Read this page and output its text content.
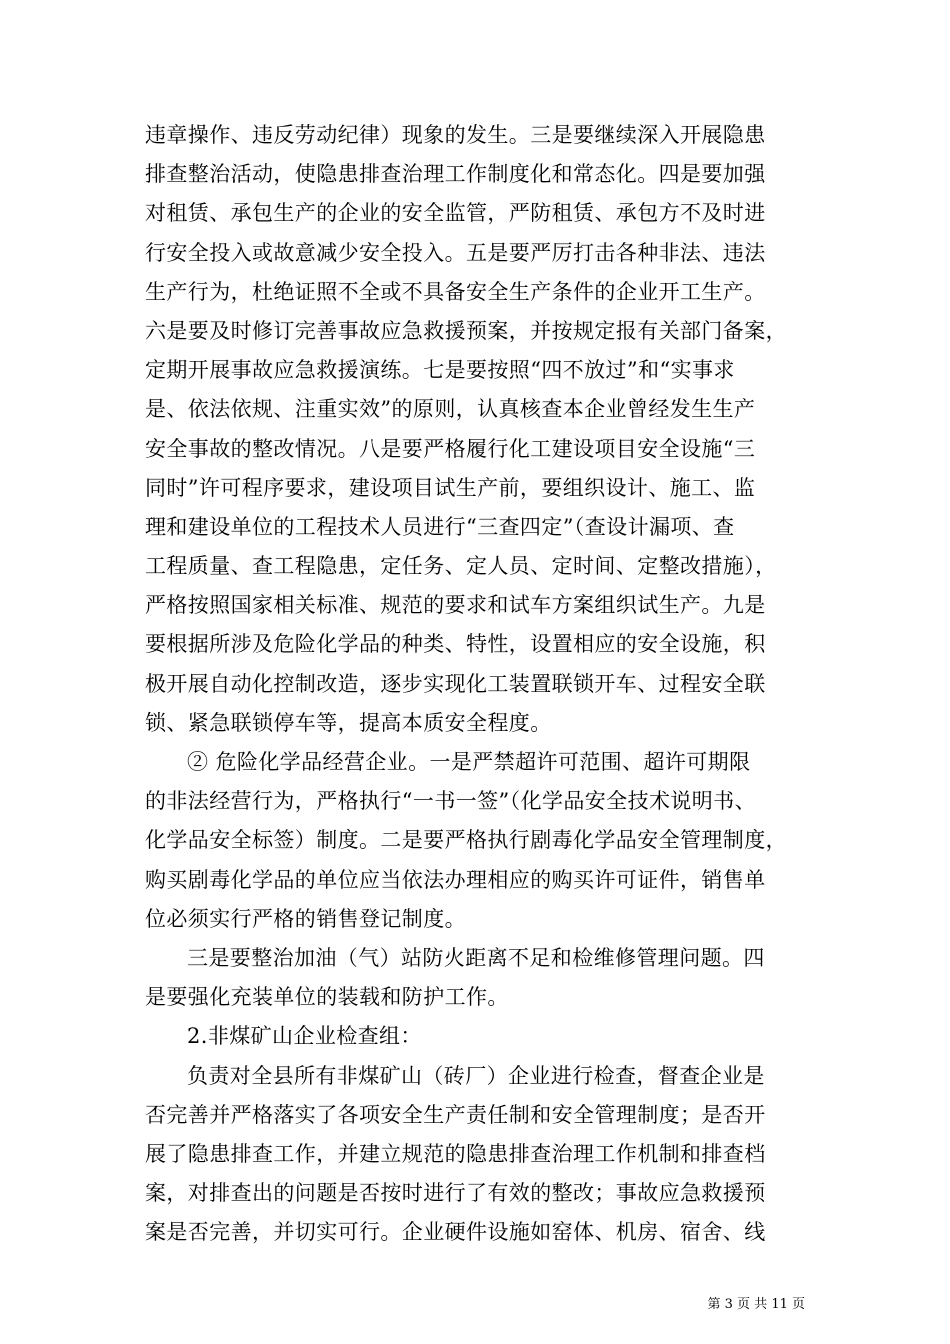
违章操作、违反劳动纪律）现象的发生。三是要继续深入开展隐患
排查整治活动，使隐患排查治理工作制度化和常态化。四是要加强
对租赁、承包生产的企业的安全监管，严防租赁、承包方不及时进
行安全投入或故意减少安全投入。五是要严厉打击各种非法、违法
生产行为，杜绝证照不全或不具备安全生产条件的企业开工生产。
六是要及时修订完善事故应急救援预案，并按规定报有关部门备案，
定期开展事故应急救援演练。七是要按照“四不放过”和“实事求
是、依法依规、注重实效”的原则，认真核查本企业曾经发生生产
安全事故的整改情况。八是要严格履行化工建设项目安全设施“三
同时”许可程序要求，建设项目试生产前，要组织设计、施工、监
理和建设单位的工程技术人员进行“三查四定”（查设计漏项、查
工程质量、查工程隐患，定任务、定人员、定时间、定整改措施），
严格按照国家相关标准、规范的要求和试车方案组织试生产。九是
要根据所涉及危险化学品的种类、特性，设置相应的安全设施，积
极开展自动化控制改造，逐步实现化工装置联锁开车、过程安全联
锁、紧急联锁停车等，提高本质安全程度。
② 危险化学品经营企业。一是严禁超许可范围、超许可期限
的非法经营行为，严格执行“一书一签”（化学品安全技术说明书、
化学品安全标签）制度。二是要严格执行剧毒化学品安全管理制度，
购买剧毒化学品的单位应当依法办理相应的购买许可证件，销售单
位必须实行严格的销售登记制度。
三是要整治加油（气）站防火距离不足和检维修管理问题。四
是要强化充装单位的装载和防护工作。
2.非煤矿山企业检查组：
负责对全县所有非煤矿山（砖厂）企业进行检查，督查企业是
否完善并严格落实了各项安全生产责任制和安全管理制度；是否开
展了隐患排查工作，并建立规范的隐患排查治理工作机制和排查档
案，对排查出的问题是否按时进行了有效的整改；事故应急救援预
案是否完善，并切实可行。企业硬件设施如窑体、机房、宿舍、线
第 3 页 共 11 页
